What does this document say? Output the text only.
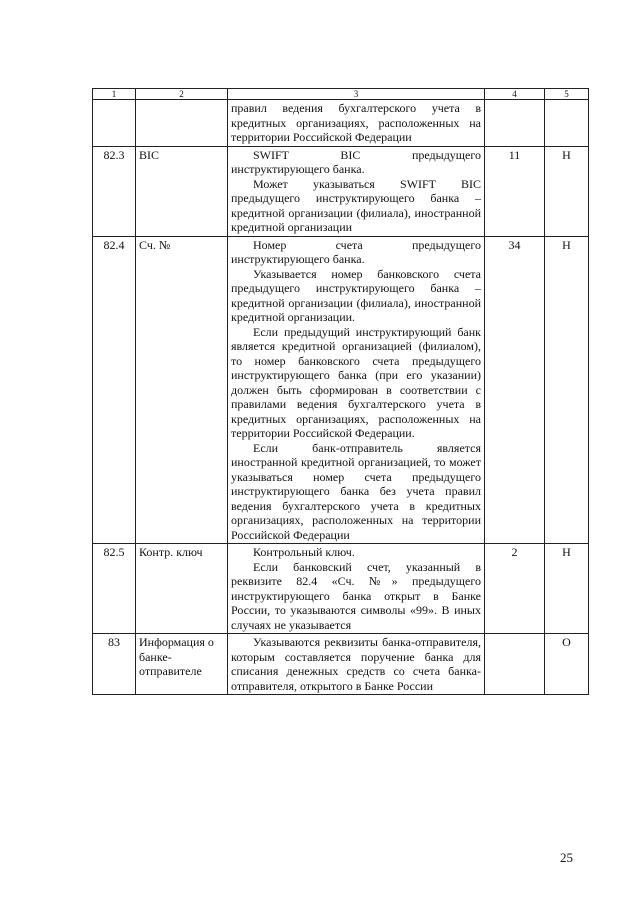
1	2	3	4	5

		правил ведения бухгалтерского учета в кредитных организациях, расположенных на территории Российской Федерации		

82.3	BIC	SWIFT BIC предыдущего инструктирующего банка.

Может указываться SWIFT BIC предыдущего инструктирующего банка – кредитной организации (филиала), иностранной кредитной организации	11	Н
82.4	Сч. №	Номер счета предыдущего инструктирующего банка.

Указывается номер банковского счета предыдущего инструктирующего банка – кредитной организации (филиала), иностранной кредитной организации.

Если предыдущий инструктирующий банк является кредитной организацией (филиалом), то номер банковского счета предыдущего инструктирующего банка (при его указании) должен быть сформирован в соответствии с правилами ведения бухгалтерского учета в кредитных организациях, расположенных на территории Российской Федерации.

Если банк-отправитель является иностранной кредитной организацией, то может указываться номер счета предыдущего инструктирующего банка без учета правил ведения бухгалтерского учета в кредитных организациях, расположенных на территории Российской Федерации	34	Н
82.5	Контр. ключ	Контрольный ключ.

Если банковский счет, указанный в реквизите 82.4 «Сч. №» предыдущего инструктирующего банка открыт в Банке России, то указываются символы «99». В иных случаях не указывается	2	Н
83	Информация о банке-отправителе	Указываются реквизиты банка-отправителя, которым составляется поручение банка для списания денежных средств со счета банка-отправителя, открытого в Банке России		О
25
